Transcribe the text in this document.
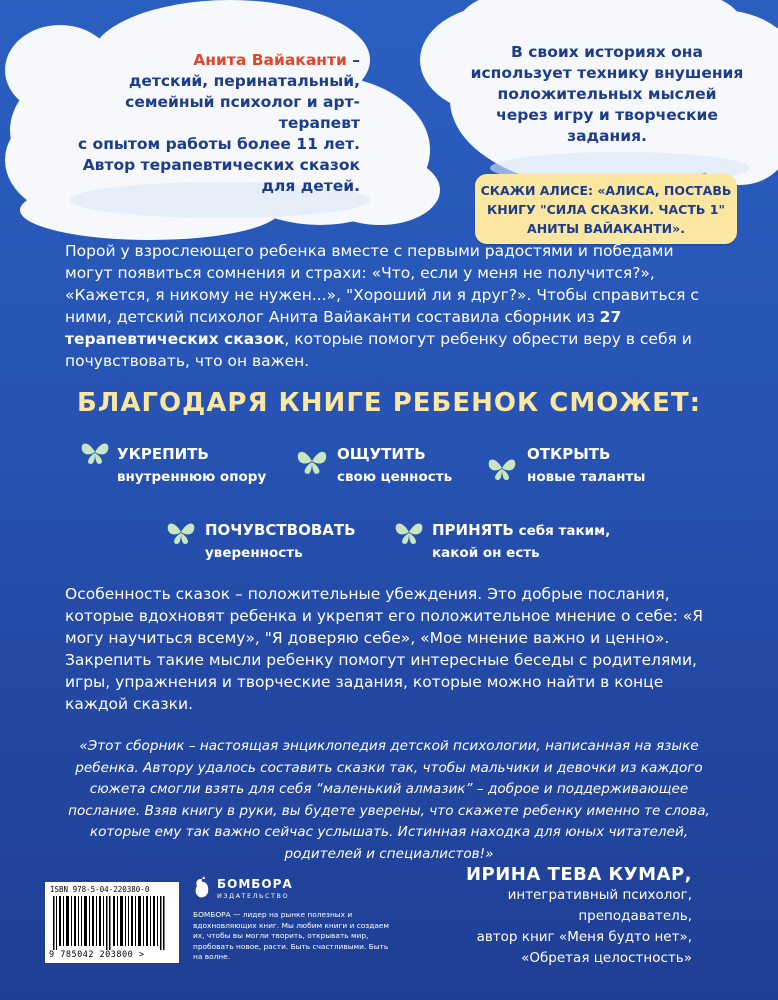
Анита Вайаканти –
детский, перинатальный,
семейный психолог и арт-терапевт
с опытом работы более 11 лет.
Автор терапевтических сказок
для детей.
В своих историях она
использует технику внушения
положительных мыслей
через игру и творческие
задания.
СКАЖИ АЛИСЕ: «АЛИСА, ПОСТАВЬ
КНИГУ "СИЛА СКАЗКИ. ЧАСТЬ 1"
АНИТЫ ВАЙАКАНТИ».
Порой у взрослеющего ребенка вместе с первыми радостями и победами могут появиться сомнения и страхи: «Что, если у меня не получится?», «Кажется, я никому не нужен...», "Хороший ли я друг?». Чтобы справиться с ними, детский психолог Анита Вайаканти составила сборник из 27 терапевтических сказок, которые помогут ребенку обрести веру в себя и почувствовать, что он важен.
БЛАГОДАРЯ КНИГЕ РЕБЕНОК СМОЖЕТ:
УКРЕПИТЬ
внутреннюю опору
ОЩУТИТЬ
свою ценность
ОТКРЫТЬ
новые таланты
ПОЧУВСТВОВАТЬ
уверенность
ПРИНЯТЬ себя таким,
какой он есть
Особенность сказок – положительные убеждения. Это добрые послания, которые вдохновят ребенка и укрепят его положительное мнение о себе: «Я могу научиться всему», "Я доверяю себе», «Мое мнение важно и ценно». Закрепить такие мысли ребенку помогут интересные беседы с родителями, игры, упражнения и творческие задания, которые можно найти в конце каждой сказки.
«Этот сборник – настоящая энциклопедия детской психологии, написанная на языке ребенка. Автору удалось составить сказки так, чтобы мальчики и девочки из каждого сюжета смогли взять для себя “маленький алмазик” – доброе и поддерживающее послание. Взяв книгу в руки, вы будете уверены, что скажете ребенку именно те слова, которые ему так важно сейчас услышать. Истинная находка для юных читателей, родителей и специалистов!»
ИРИНА ТЕВА КУМАР,
интегративный психолог, преподаватель,
автор книг «Меня будто нет»,
«Обретая целостность»
ISBN 978-5-04-220380-0
9 785042 203800 >
БОМБОРА
ИЗДАТЕЛЬСТВО
БОМБОРА — лидер на рынке полезных и вдохновляющих книг. Мы любим книги и создаем их, чтобы вы могли творить, открывать мир, пробовать новое, расти. Быть счастливыми. Быть на волне.
